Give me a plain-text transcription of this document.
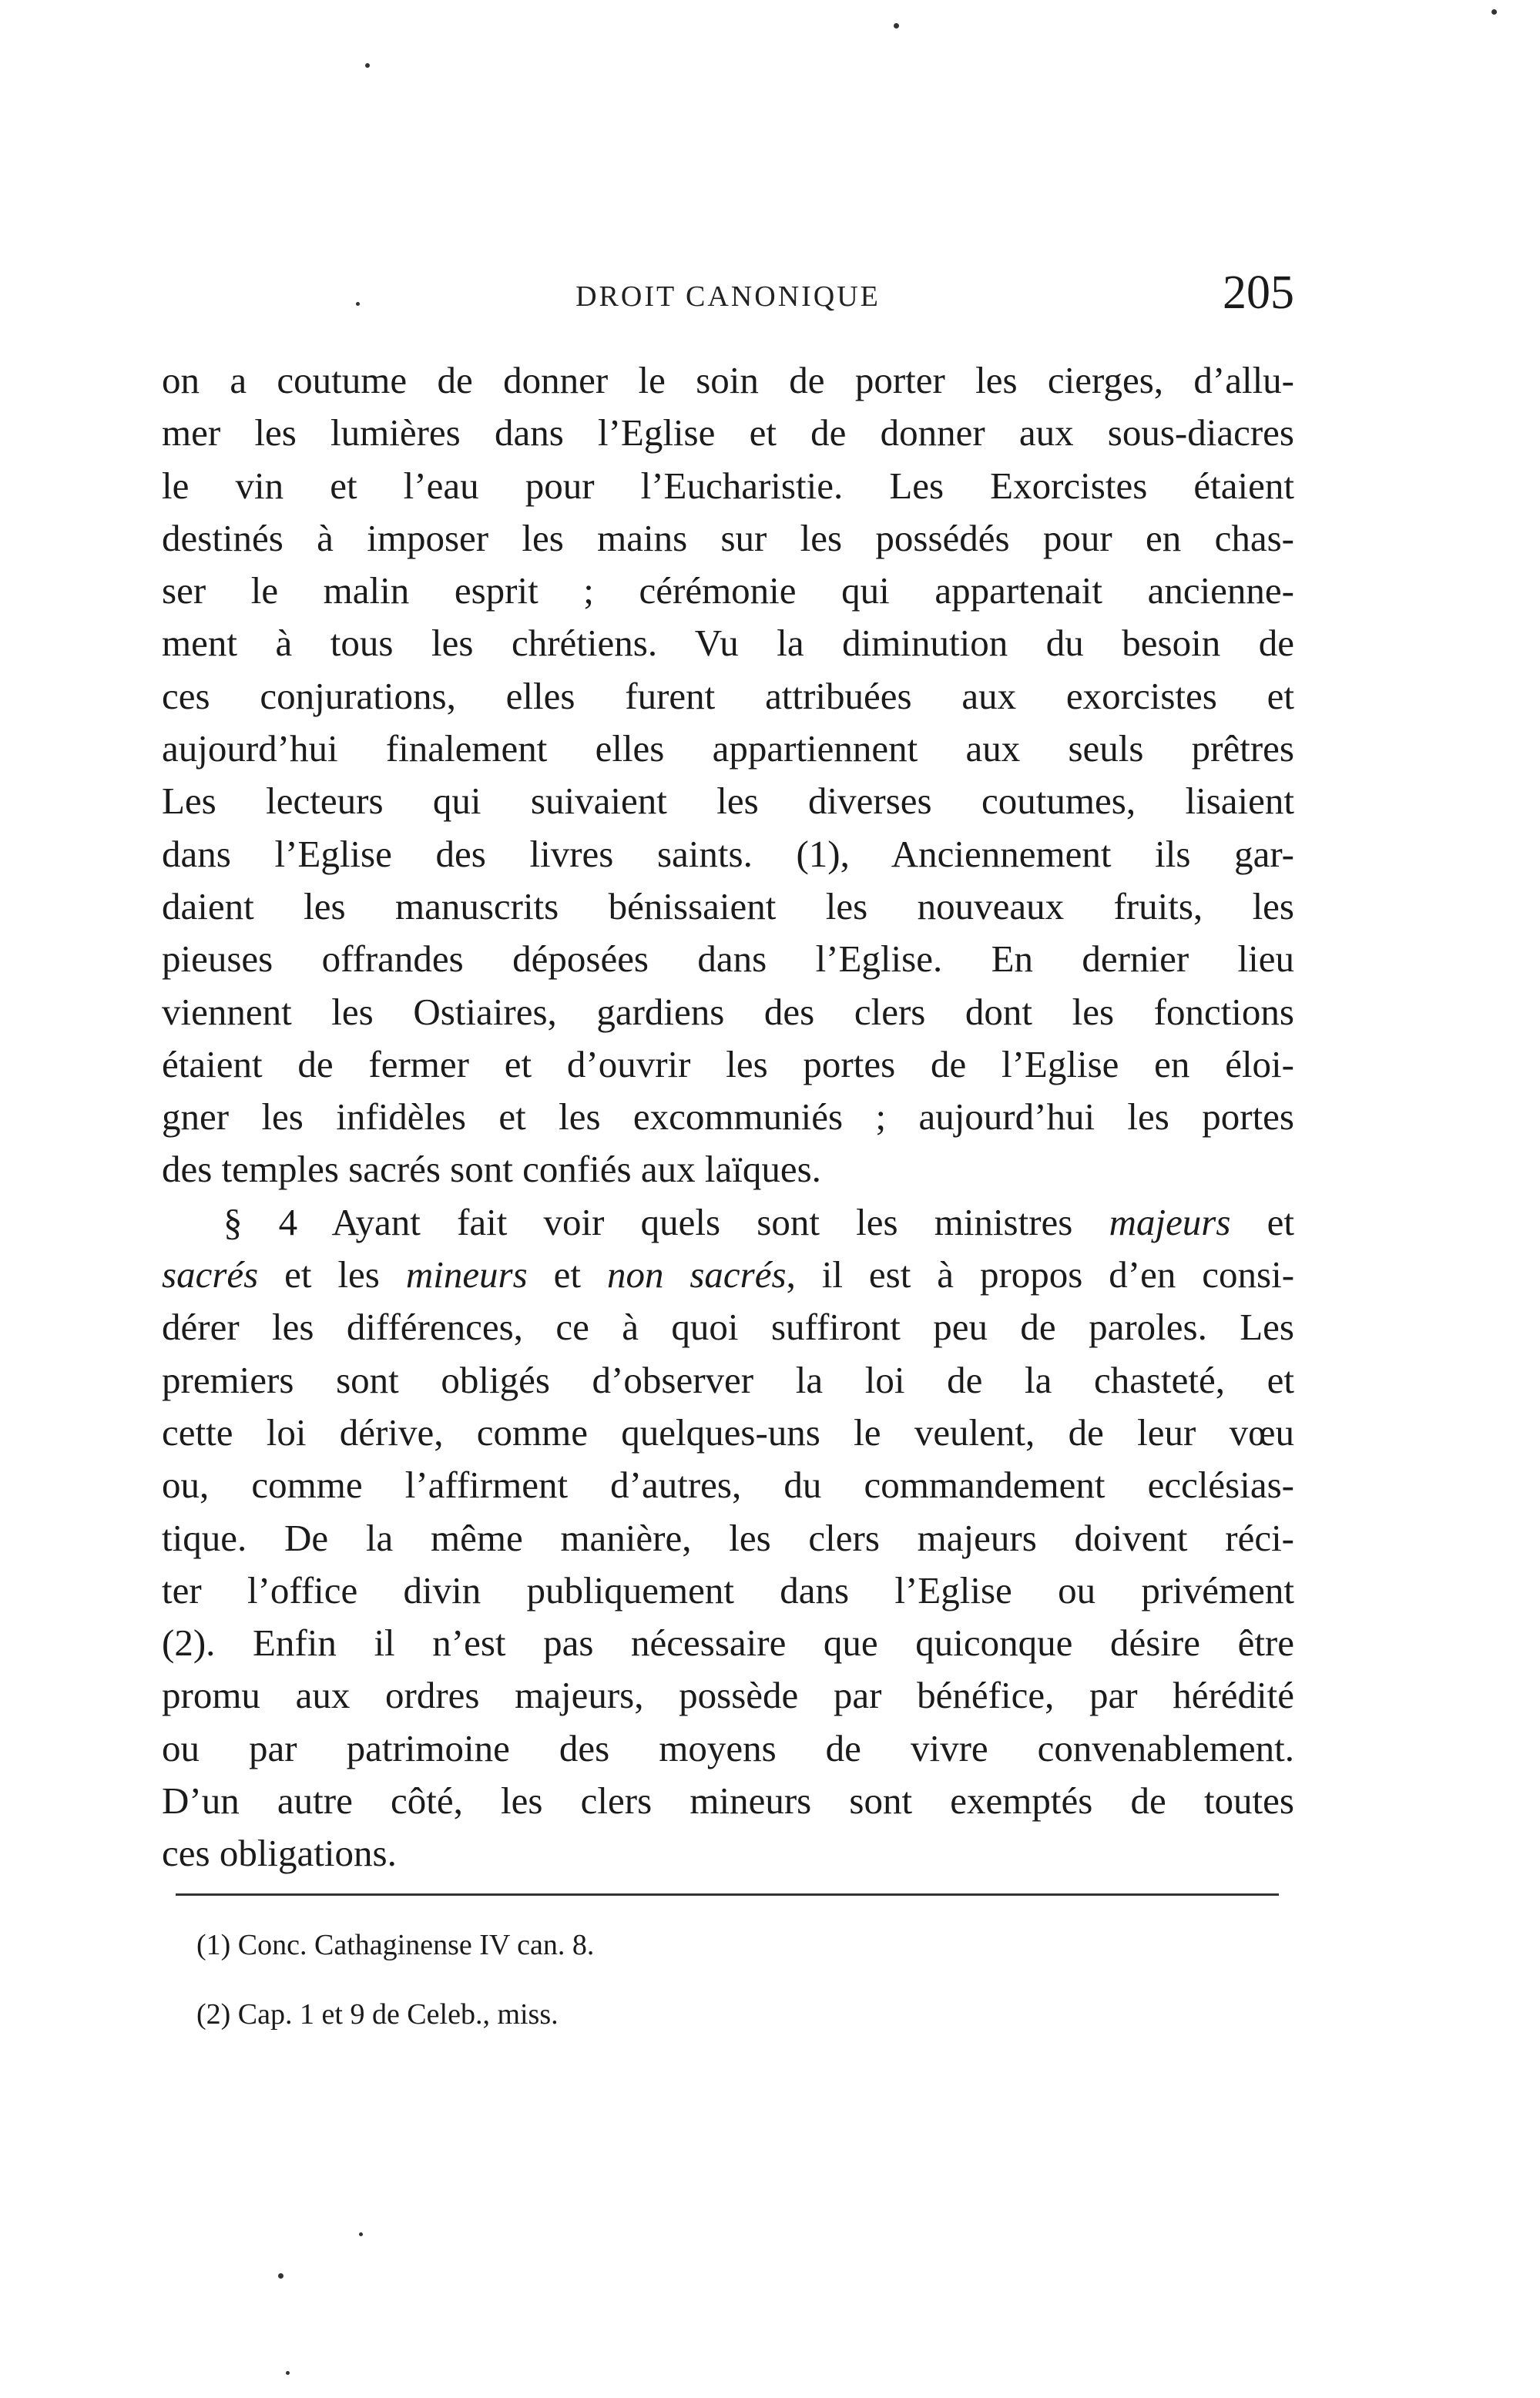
DROIT CANONIQUE	205
on a coutume de donner le soin de porter les cierges, d’allu-
mer les lumières dans l’Eglise et de donner aux sous-diacres
le vin et l’eau pour l’Eucharistie. Les Exorcistes étaient
destinés à imposer les mains sur les possédés pour en chas-
ser le malin esprit ; cérémonie qui appartenait ancienne-
ment à tous les chrétiens. Vu la diminution du besoin de
ces conjurations, elles furent attribuées aux exorcistes et
aujourd’hui finalement elles appartiennent aux seuls prêtres
Les lecteurs qui suivaient les diverses coutumes, lisaient
dans l’Eglise des livres saints. (1), Anciennement ils gar-
daient les manuscrits bénissaient les nouveaux fruits, les
pieuses offrandes déposées dans l’Eglise. En dernier lieu
viennent les Ostiaires, gardiens des clers dont les fonctions
étaient de fermer et d’ouvrir les portes de l’Eglise en éloi-
gner les infidèles et les excommuniés ; aujourd’hui les portes
des temples sacrés sont confiés aux laïques.
§ 4 Ayant fait voir quels sont les ministres majeurs et
sacrés et les mineurs et non sacrés, il est à propos d’en consi-
dérer les différences, ce à quoi suffiront peu de paroles. Les
premiers sont obligés d’observer la loi de la chasteté, et
cette loi dérive, comme quelques-uns le veulent, de leur vœu
ou, comme l’affirment d’autres, du commandement ecclésias-
tique. De la même manière, les clers majeurs doivent réci-
ter l’office divin publiquement dans l’Eglise ou privément
(2). Enfin il n’est pas nécessaire que quiconque désire être
promu aux ordres majeurs, possède par bénéfice, par hérédité
ou par patrimoine des moyens de vivre convenablement.
D’un autre côté, les clers mineurs sont exemptés de toutes
ces obligations.
(1) Conc. Cathaginense IV can. 8.
(2) Cap. 1 et 9 de Celeb., miss.
